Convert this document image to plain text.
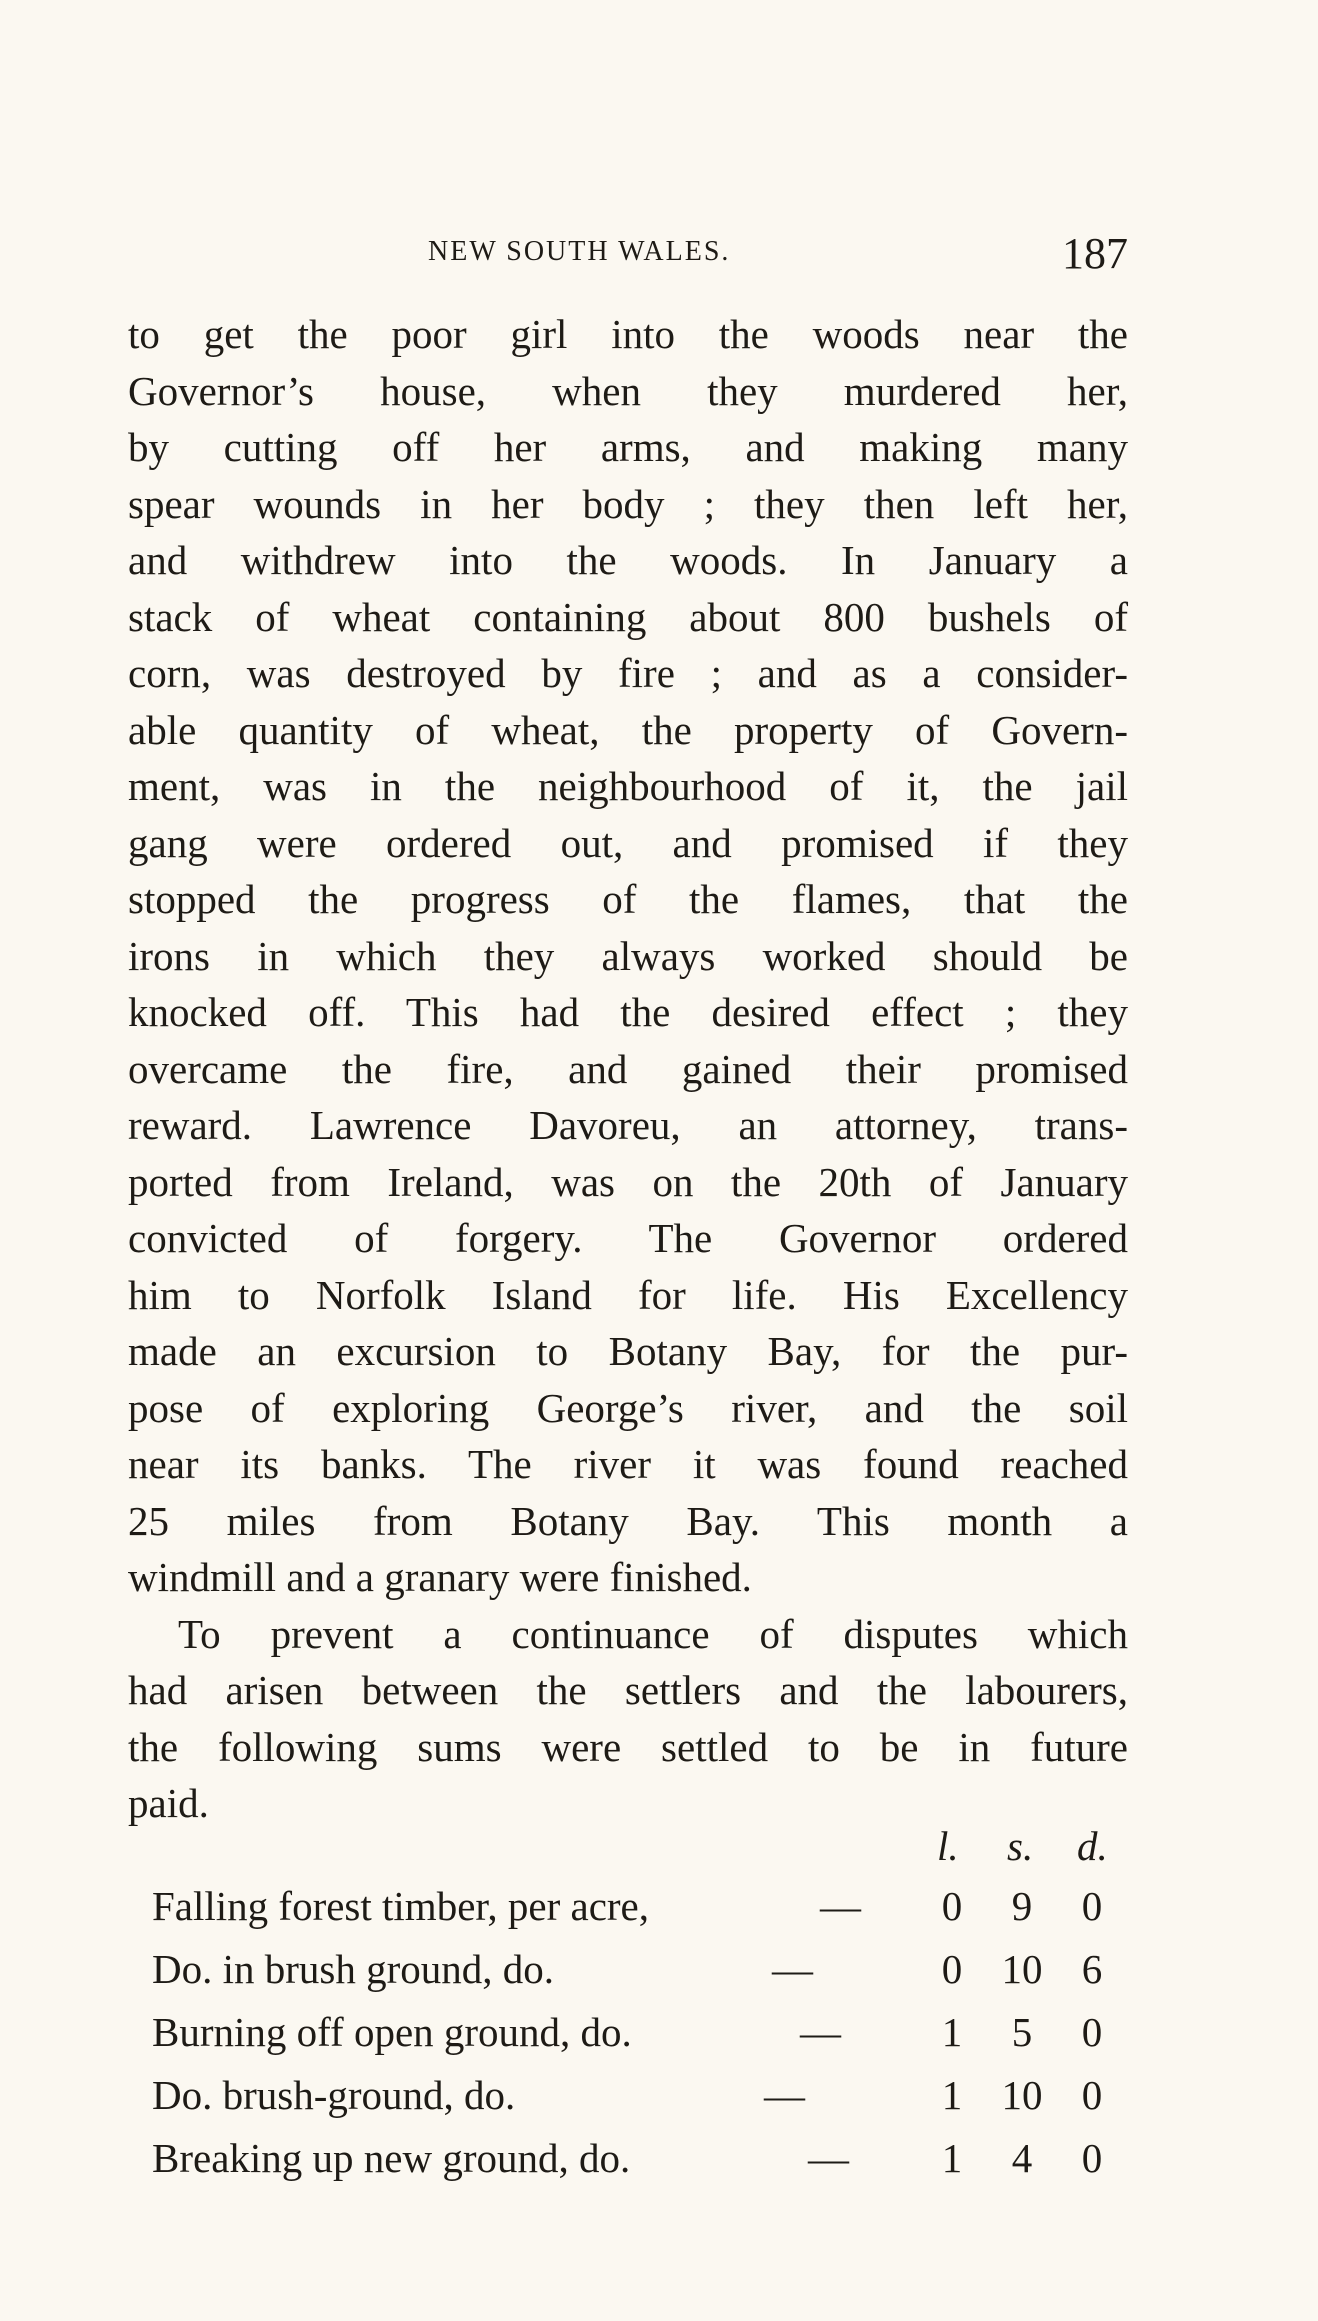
NEW SOUTH WALES.	187
to get the poor girl into the woods near the
Governor’s house, when they murdered her,
by cutting off her arms, and making many
spear wounds in her body ; they then left her,
and withdrew into the woods. In January a
stack of wheat containing about 800 bushels of
corn, was destroyed by fire ; and as a consider-
able quantity of wheat, the property of Govern-
ment, was in the neighbourhood of it, the jail
gang were ordered out, and promised if they
stopped the progress of the flames, that the
irons in which they always worked should be
knocked off. This had the desired effect ; they
overcame the fire, and gained their promised
reward. Lawrence Davoreu, an attorney, trans-
ported from Ireland, was on the 20th of January
convicted of forgery. The Governor ordered
him to Norfolk Island for life. His Excellency
made an excursion to Botany Bay, for the pur-
pose of exploring George’s river, and the soil
near its banks. The river it was found reached
25 miles from Botany Bay. This month a
windmill and a granary were finished.
To prevent a continuance of disputes which
had arisen between the settlers and the labourers,
the following sums were settled to be in future
paid.
l. s. d.
Falling forest timber, per acre,	— 0	9	0
Do. in brush ground, do.	—	0 10 6
Burning off open ground, do.	— 1	5	0
Do. brush-ground, do.	—	1 10 0
Breaking up new ground, do.	— 1	4	0
